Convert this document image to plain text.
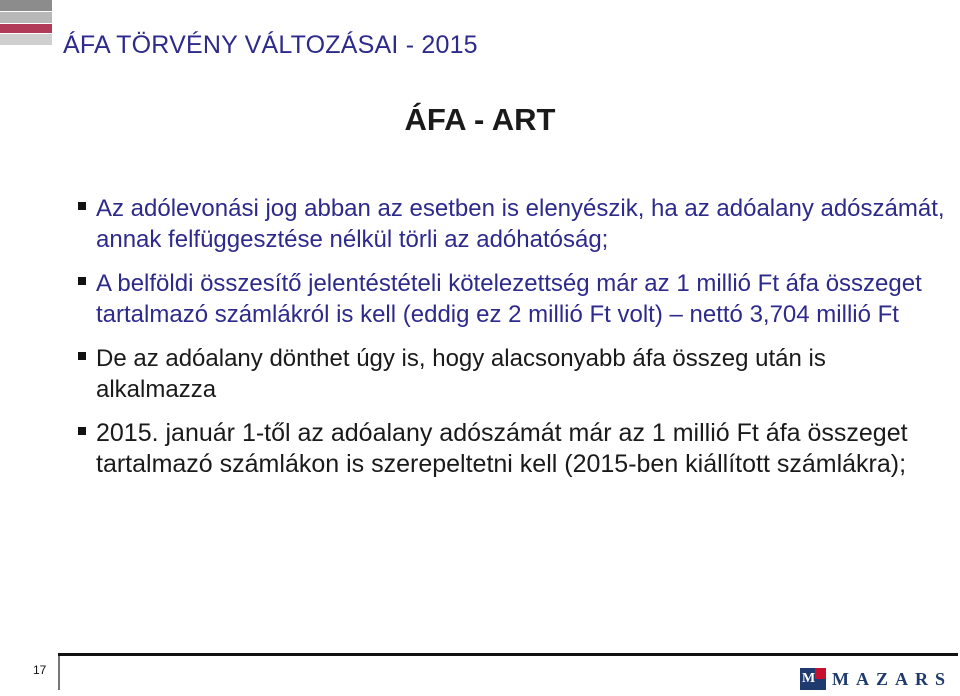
ÁFA TÖRVÉNY VÁLTOZÁSAI - 2015
ÁFA - ART
Az adólevonási jog abban az esetben is elenyészik, ha az adóalany adószámát, annak felfüggesztése nélkül törli az adóhatóság;
A belföldi összesítő jelentéstételi kötelezettség már az 1 millió Ft áfa összeget tartalmazó számlákról is kell (eddig ez 2 millió Ft volt) – nettó 3,704 millió Ft
De az adóalany dönthet úgy is, hogy alacsonyabb áfa összeg után is alkalmazza
2015. január 1-től az adóalany adószámát már az 1 millió Ft áfa összeget tartalmazó számlákon is szerepeltetni kell (2015-ben kiállított számlákra);
17
M MAZARS
